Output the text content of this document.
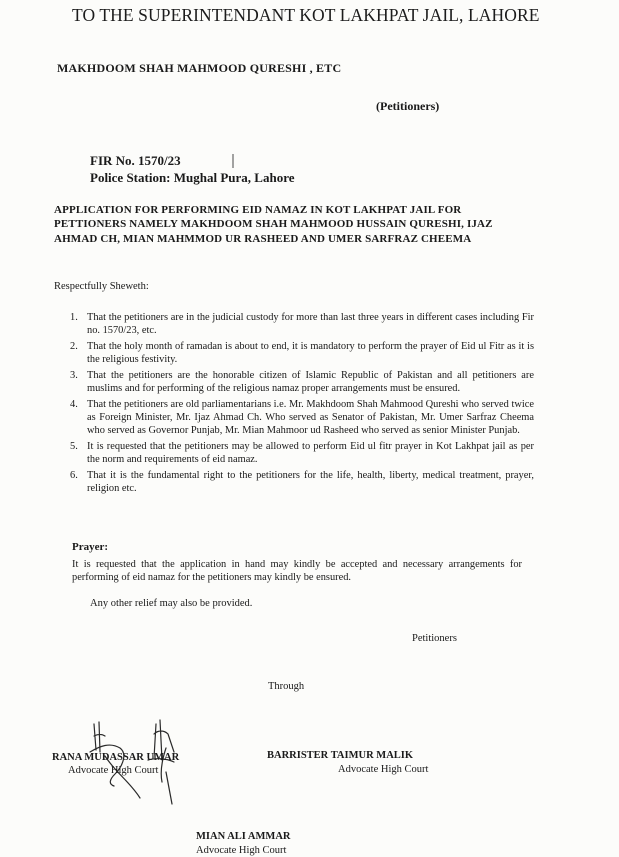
TO THE SUPERINTENDANT KOT LAKHPAT JAIL, LAHORE
MAKHDOOM SHAH MAHMOOD QURESHI , ETC
(Petitioners)
FIR No. 1570/23
Police Station: Mughal Pura, Lahore
APPLICATION FOR PERFORMING EID NAMAZ IN KOT LAKHPAT JAIL FOR
PETTIONERS NAMELY MAKHDOOM SHAH MAHMOOD HUSSAIN QURESHI, IJAZ
AHMAD CH, MIAN MAHMMOD UR RASHEED AND UMER SARFRAZ CHEEMA
Respectfully Sheweth:
1. That the petitioners are in the judicial custody for more than last three years in different cases including Fir no. 1570/23, etc.
2. That the holy month of ramadan is about to end, it is mandatory to perform the prayer of Eid ul Fitr as it is the religious festivity.
3. That the petitioners are the honorable citizen of Islamic Republic of Pakistan and all petitioners are muslims and for performing of the religious namaz proper arrangements must be ensured.
4. That the petitioners are old parliamentarians i.e. Mr. Makhdoom Shah Mahmood Qureshi who served twice as Foreign Minister, Mr. Ijaz Ahmad Ch. Who served as Senator of Pakistan, Mr. Umer Sarfraz Cheema who served as Governor Punjab, Mr. Mian Mahmoor ud Rasheed who served as senior Minister Punjab.
5. It is requested that the petitioners may be allowed to perform Eid ul fitr prayer in Kot Lakhpat jail as per the norm and requirements of eid namaz.
6. That it is the fundamental right to the petitioners for the life, health, liberty, medical treatment, prayer, religion etc.
Prayer:
It is requested that the application in hand may kindly be accepted and necessary arrangements for performing of eid namaz for the petitioners may kindly be ensured.
Any other relief may also be provided.
Petitioners
Through
RANA MUDASSAR UMAR
Advocate High Court
BARRISTER TAIMUR MALIK
Advocate High Court
MIAN ALI AMMAR
Advocate High Court
